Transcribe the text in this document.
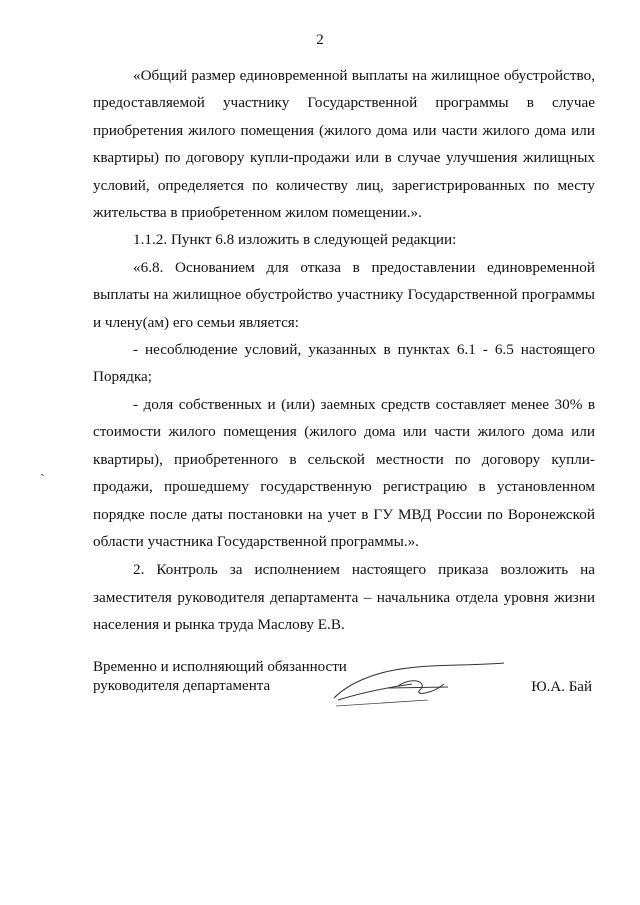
2

«Общий размер единовременной выплаты на жилищное обустройство, предоставляемой участнику Государственной программы в случае приобретения жилого помещения (жилого дома или части жилого дома или квартиры) по договору купли-продажи или в случае улучшения жилищных условий, определяется по количеству лиц, зарегистрированных по месту жительства в приобретенном жилом помещении.».

1.1.2. Пункт 6.8 изложить в следующей редакции:

«6.8. Основанием для отказа в предоставлении единовременной выплаты на жилищное обустройство участнику Государственной программы и члену(ам) его семьи является:

- несоблюдение условий, указанных в пунктах 6.1 - 6.5 настоящего Порядка;

- доля собственных и (или) заемных средств составляет менее 30% в стоимости жилого помещения (жилого дома или части жилого дома или квартиры), приобретенного в сельской местности по договору купли-продажи, прошедшему государственную регистрацию в установленном порядке после даты постановки на учет в ГУ МВД России по Воронежской области участника Государственной программы.».

2. Контроль за исполнением настоящего приказа возложить на заместителя руководителя департамента – начальника отдела уровня жизни населения и рынка труда Маслову Е.В.

ˏ
Временно и исполняющий обязанности
руководителя департамента	Ю.А. Бай
